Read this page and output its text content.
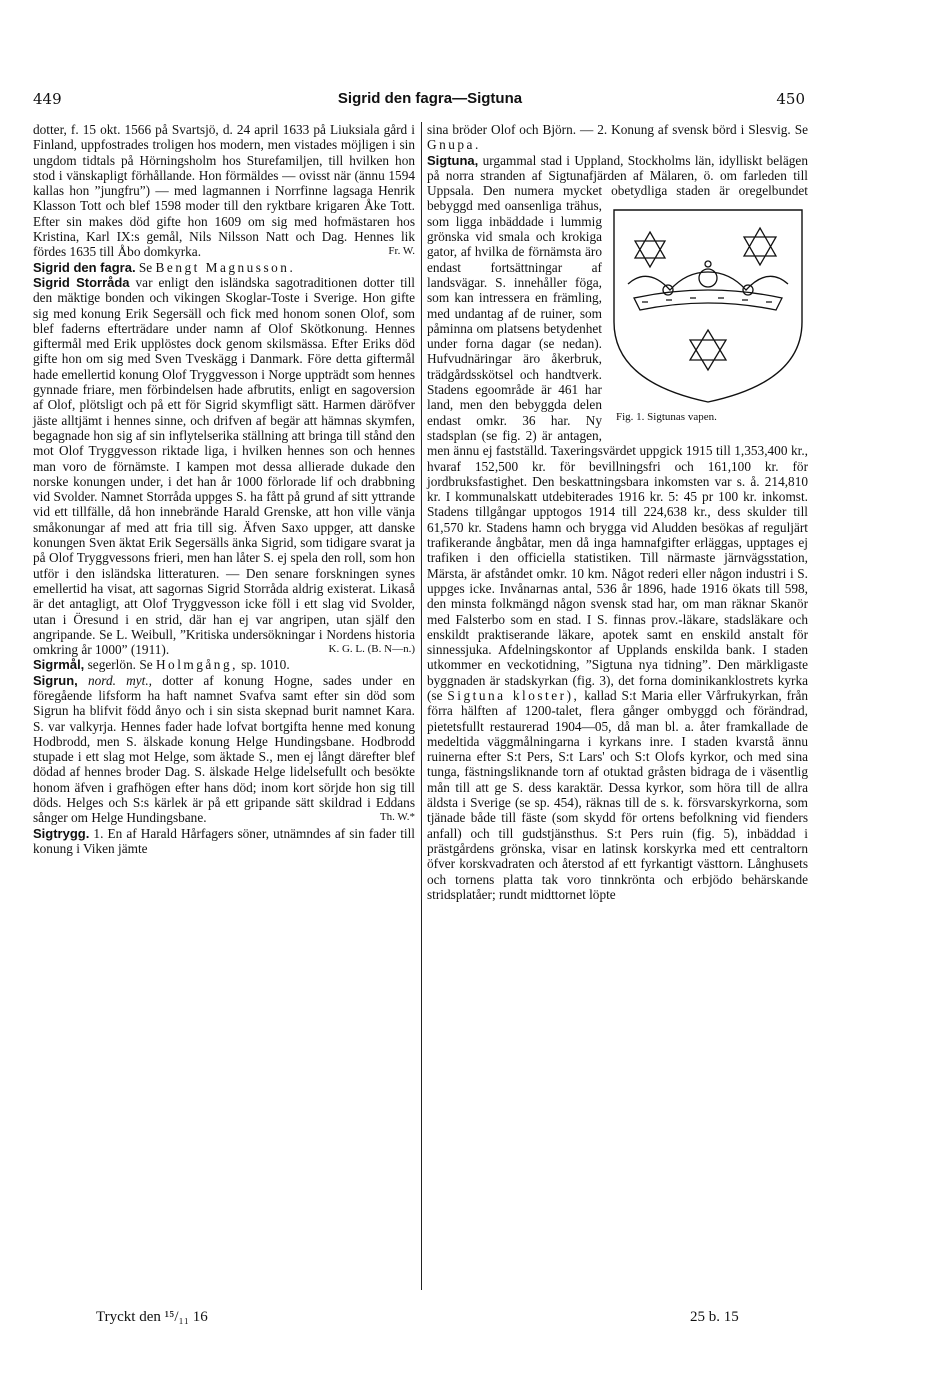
449	Sigrid den fagra—Sigtuna	450

dotter, f. 15 okt. 1566 på Svartsjö, d. 24 april 1633 på Liuksiala gård i Finland, uppfostrades troligen hos modern, men vistades möjligen i sin ungdom tidtals på Hörningsholm hos Sturefamiljen, till hvilken hon stod i vänskapligt förhållande. Hon förmäldes — ovisst när (ännu 1594 kallas hon ”jungfru”) — med lagmannen i Norrfinne lagsaga Henrik Klasson Tott och blef 1598 moder till den ryktbare krigaren Åke Tott. Efter sin makes död gifte hon 1609 om sig med hofmästaren hos Kristina, Karl IX:s gemål, Nils Nilsson Natt och Dag. Hennes lik fördes 1635 till Åbo domkyrka.	Fr. W.

Sigrid den fagra. Se Bengt Magnusson.

Sigrid Storråda var enligt den isländska sagotraditionen dotter till den mäktige bonden och vikingen Skoglar-Toste i Sverige. Hon gifte sig med konung Erik Segersäll och fick med honom sonen Olof, som blef faderns efterträdare under namn af Olof Skötkonung. Hennes giftermål med Erik upplöstes dock genom skilsmässa. Efter Eriks död gifte hon om sig med Sven Tveskägg i Danmark. Före detta giftermål hade emellertid konung Olof Tryggvesson i Norge uppträdt som hennes gynnade friare, men förbindelsen hade afbrutits, enligt en sagoversion af Olof, plötsligt och på ett för Sigrid skymfligt sätt. Harmen däröfver jäste alltjämt i hennes sinne, och drifven af begär att hämnas skymfen, begagnade hon sig af sin inflytelserika ställning att bringa till stånd den mot Olof Tryggvesson riktade liga, i hvilken hennes son och hennes man voro de förnämste. I kampen mot dessa allierade dukade den norske konungen under, i det han år 1000 förlorade lif och drabbning vid Svolder. Namnet Storråda uppges S. ha fått på grund af sitt yttrande vid ett tillfälle, då hon innebrände Harald Grenske, att hon ville vänja småkonungar af med att fria till sig. Äfven Saxo uppger, att danske konungen Sven äktat Erik Segersälls änka Sigrid, som tidigare svarat ja på Olof Tryggvessons frieri, men han låter S. ej spela den roll, som hon utför i den isländska litteraturen. — Den senare forskningen synes emellertid ha visat, att sagornas Sigrid Storråda aldrig existerat. Likaså är det antagligt, att Olof Tryggvesson icke föll i ett slag vid Svolder, utan i Öresund i en strid, där han ej var angripen, utan själf den angripande. Se L. Weibull, ”Kritiska undersökningar i Nordens historia omkring år 1000” (1911).	K. G. L. (B. N—n.)

Sigrmål, segerlön. Se Holmgång, sp. 1010.

Sigrun, nord. myt., dotter af konung Hogne, sades under en föregående lifsform ha haft namnet Svafva samt efter sin död som Sigrun ha blifvit född ånyo och i sin sista skepnad burit namnet Kara. S. var valkyrja. Hennes fader hade lofvat bortgifta henne med konung Hodbrodd, men S. älskade konung Helge Hundingsbane. Hodbrodd stupade i ett slag mot Helge, som äktade S., men ej långt därefter blef dödad af hennes broder Dag. S. älskade Helge lidelsefullt och besökte honom äfven i grafhögen efter hans död; inom kort sörjde hon sig till döds. Helges och S:s kärlek är på ett gripande sätt skildrad i Eddans sånger om Helge Hundingsbane.	Th. W.*

Sigtrygg. 1. En af Harald Hårfagers söner, utnämndes af sin fader till konung i Viken jämte

sina bröder Olof och Björn. — 2. Konung af svensk börd i Slesvig. Se Gnupa.

Sigtuna, urgammal stad i Uppland, Stockholms län, idylliskt belägen på norra stranden af Sigtunafjärden af Mälaren, ö. om farleden till Uppsala. Den numera mycket obetydliga staden är
Fig. 1. Sigtunas vapen.
oregelbundet bebyggd med oansenliga trähus, som ligga inbäddade i lummig grönska vid smala och krokiga gator, af hvilka de förnämsta äro endast fortsättningar af landsvägar. S. innehåller föga, som kan intressera en främling, med undantag af de ruiner, som påminna om platsens betydenhet under forna dagar (se nedan). Hufvudnäringar äro åkerbruk, trädgårdsskötsel och handtverk. Stadens egoområde är 461 har land, men den bebyggda delen endast omkr. 36 har. Ny stadsplan (se fig. 2) är antagen, men ännu ej fastställd. Taxeringsvärdet uppgick 1915 till 1,353,400 kr., hvaraf 152,500 kr. för bevillningsfri och 161,100 kr. för jordbruksfastighet. Den beskattningsbara inkomsten var s. å. 214,810 kr. I kommunalskatt utdebiterades 1916 kr. 5: 45 pr 100 kr. inkomst. Stadens tillgångar upptogos 1914 till 224,638 kr., dess skulder till 61,570 kr. Stadens hamn och brygga vid Aludden besökas af reguljärt trafikerande ångbåtar, men då inga hamnafgifter erläggas, upptages ej trafiken i den officiella statistiken. Till närmaste järnvägsstation, Märsta, är afståndet omkr. 10 km. Något rederi eller någon industri i S. uppges icke. Invånarnas antal, 536 år 1896, hade 1916 ökats till 598, den minsta folkmängd någon svensk stad har, om man räknar Skanör med Falsterbo som en stad. I S. finnas prov.-läkare, stadsläkare och enskildt praktiserande läkare, apotek samt en enskild anstalt för sinnessjuka. Afdelningskontor af Upplands enskilda bank. I staden utkommer en veckotidning, ”Sigtuna nya tidning”. Den märkligaste byggnaden är stadskyrkan (fig. 3), det forna dominikanklostrets kyrka (se Sigtuna kloster), kallad S:t Maria eller Vårfrukyrkan, från förra hälften af 1200-talet, flera gånger ombyggd och förändrad, pietetsfullt restaurerad 1904—05, då man bl. a. åter framkallade de medeltida väggmålningarna i kyrkans inre. I staden kvarstå ännu ruinerna efter S:t Pers, S:t Lars' och S:t Olofs kyrkor, och med sina tunga, fästningsliknande torn af otuktad gråsten bidraga de i väsentlig mån till att ge S. dess karaktär. Dessa kyrkor, som höra till de allra äldsta i Sverige (se sp. 454), räknas till de s. k. försvarskyrkorna, som tjänade både till fäste (som skydd för ortens befolkning vid fienders anfall) och till gudstjänsthus. S:t Pers ruin (fig. 5), inbäddad i prästgårdens grönska, visar en latinsk korskyrka med ett centraltorn öfver korskvadraten och återstod af ett fyrkantigt västtorn. Långhusets och tornens platta tak voro tinnkrönta och erbjödo behärskande stridsplatåer; rundt midttornet löpte

Tryckt den ¹⁵/₁₁ 16	25 b. 15
